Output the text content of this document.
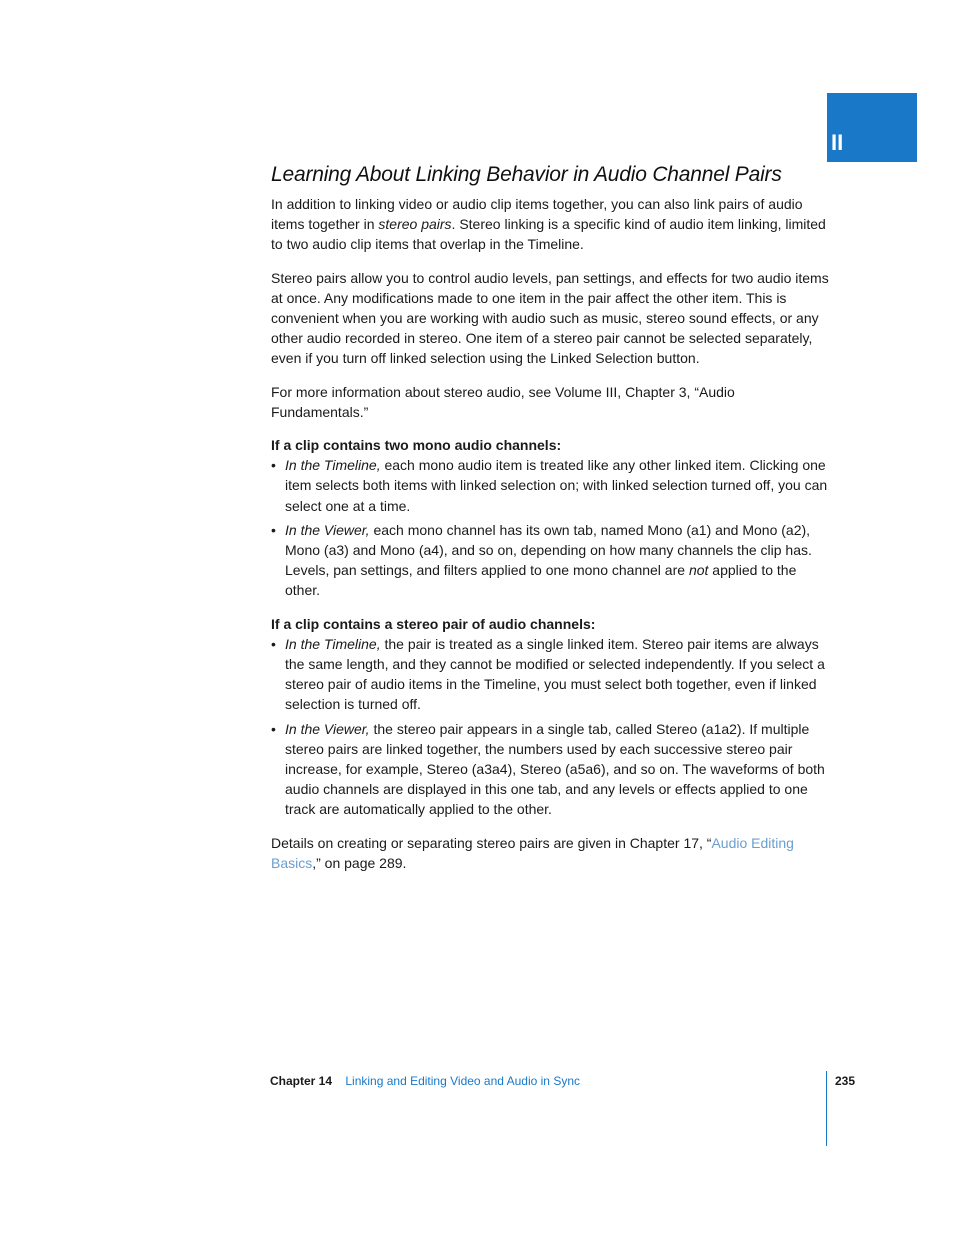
II
Learning About Linking Behavior in Audio Channel Pairs

In addition to linking video or audio clip items together, you can also link pairs of audio items together in stereo pairs. Stereo linking is a specific kind of audio item linking, limited to two audio clip items that overlap in the Timeline.

Stereo pairs allow you to control audio levels, pan settings, and effects for two audio items at once. Any modifications made to one item in the pair affect the other item. This is convenient when you are working with audio such as music, stereo sound effects, or any other audio recorded in stereo. One item of a stereo pair cannot be selected separately, even if you turn off linked selection using the Linked Selection button.

For more information about stereo audio, see Volume III, Chapter 3, “Audio Fundamentals.”

If a clip contains two mono audio channels:

• In the Timeline, each mono audio item is treated like any other linked item. Clicking one item selects both items with linked selection on; with linked selection turned off, you can select one at a time.
• In the Viewer, each mono channel has its own tab, named Mono (a1) and Mono (a2), Mono (a3) and Mono (a4), and so on, depending on how many channels the clip has. Levels, pan settings, and filters applied to one mono channel are not applied to the other.

If a clip contains a stereo pair of audio channels:

• In the Timeline, the pair is treated as a single linked item. Stereo pair items are always the same length, and they cannot be modified or selected independently. If you select a stereo pair of audio items in the Timeline, you must select both together, even if linked selection is turned off.
• In the Viewer, the stereo pair appears in a single tab, called Stereo (a1a2). If multiple stereo pairs are linked together, the numbers used by each successive stereo pair increase, for example, Stereo (a3a4), Stereo (a5a6), and so on. The waveforms of both audio channels are displayed in this one tab, and any levels or effects applied to one track are automatically applied to the other.

Details on creating or separating stereo pairs are given in Chapter 17, “Audio Editing Basics,” on page 289.

Chapter 14 Linking and Editing Video and Audio in Sync	235
